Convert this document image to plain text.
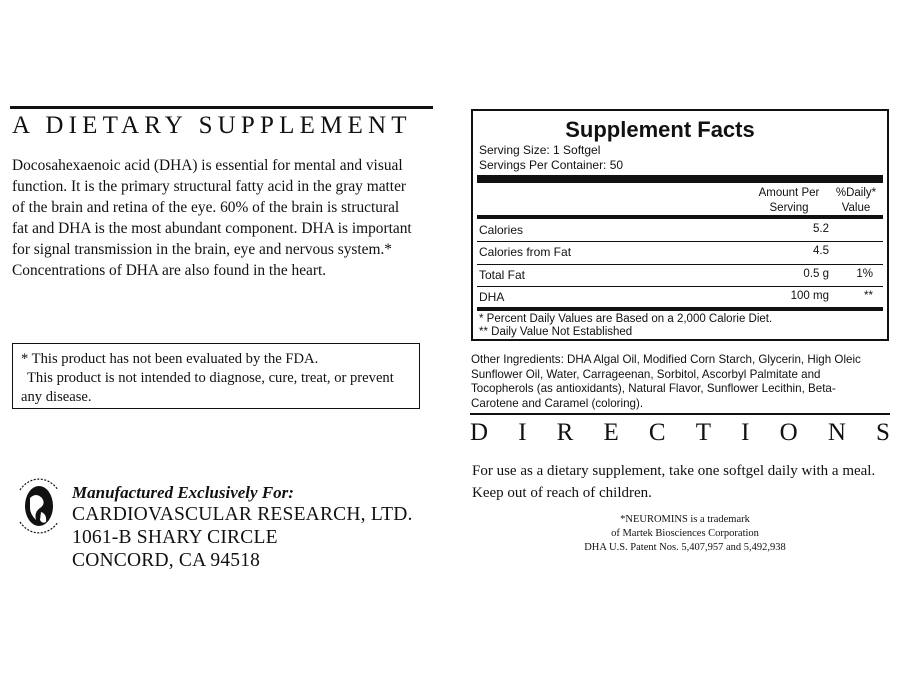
A DIETARY SUPPLEMENT
Docosahexaenoic acid (DHA) is essential for mental and visual
function. It is the primary structural fatty acid in the gray matter
of the brain and retina of the eye. 60% of the brain is structural
fat and DHA is the most abundant component. DHA is important
for signal transmission in the brain, eye and nervous system.*
Concentrations of DHA are also found in the heart.
* This product has not been evaluated by the FDA.
This product is not intended to diagnose, cure, treat, or prevent
any disease.
Manufactured Exclusively For:
CARDIOVASCULAR RESEARCH, LTD.
1061-B SHARY CIRCLE
CONCORD, CA 94518
Supplement Facts
Serving Size: 1 Softgel
Servings Per Container: 50
Amount Per
Serving
%Daily*
Value
Calories	5.2
Calories from Fat	4.5
Total Fat	0.5 g 1%
DHA	100 mg	**
* Percent Daily Values are Based on a 2,000 Calorie Diet.
** Daily Value Not Established
Other Ingredients: DHA Algal Oil, Modified Corn Starch, Glycerin, High Oleic
Sunflower Oil, Water, Carrageenan, Sorbitol, Ascorbyl Palmitate and
Tocopherols (as antioxidants), Natural Flavor, Sunflower Lecithin, Beta-
Carotene and Caramel (coloring).
D I R E C T I O N S
For use as a dietary supplement, take one softgel daily with a meal.
Keep out of reach of children.
*NEUROMINS is a trademark
of Martek Biosciences Corporation
DHA U.S. Patent Nos. 5,407,957 and 5,492,938
